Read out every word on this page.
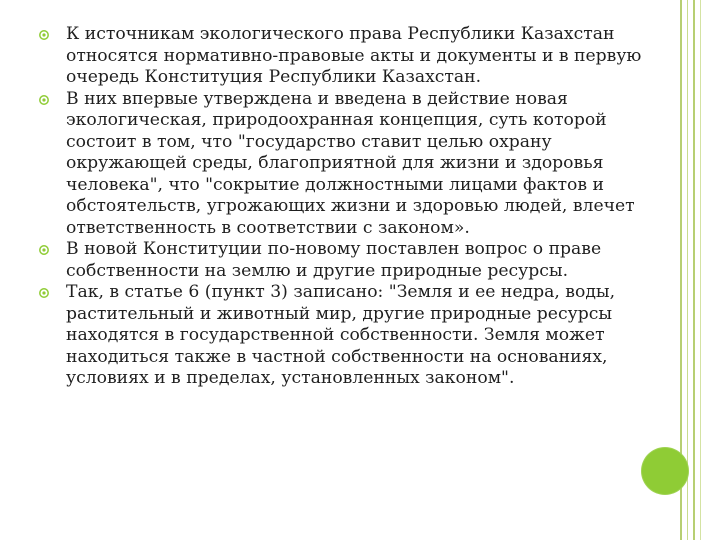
К источникам экологического права Республики Казахстан относятся нормативно-правовые акты и документы и в первую очередь Конституция Республики Казахстан.
В них впервые утверждена и введена в действие новая экологическая, природоохранная концепция, суть которой состоит в том, что "государство ставит целью охрану окружающей среды, благоприятной для жизни и здоровья человека", что "сокрытие должностными лицами фактов и обстоятельств, угрожающих жизни и здоровью людей, влечет ответственность в соответствии с законом».
В новой Конституции по-новому поставлен вопрос о праве собственности на землю и другие природные ресурсы.
Так, в статье 6 (пункт 3) записано: "Земля и ее недра, воды, растительный и животный мир, другие природные ресурсы находятся в государственной собственности. Земля может находиться также в частной собственности на основаниях, условиях и в пределах, установленных законом".
